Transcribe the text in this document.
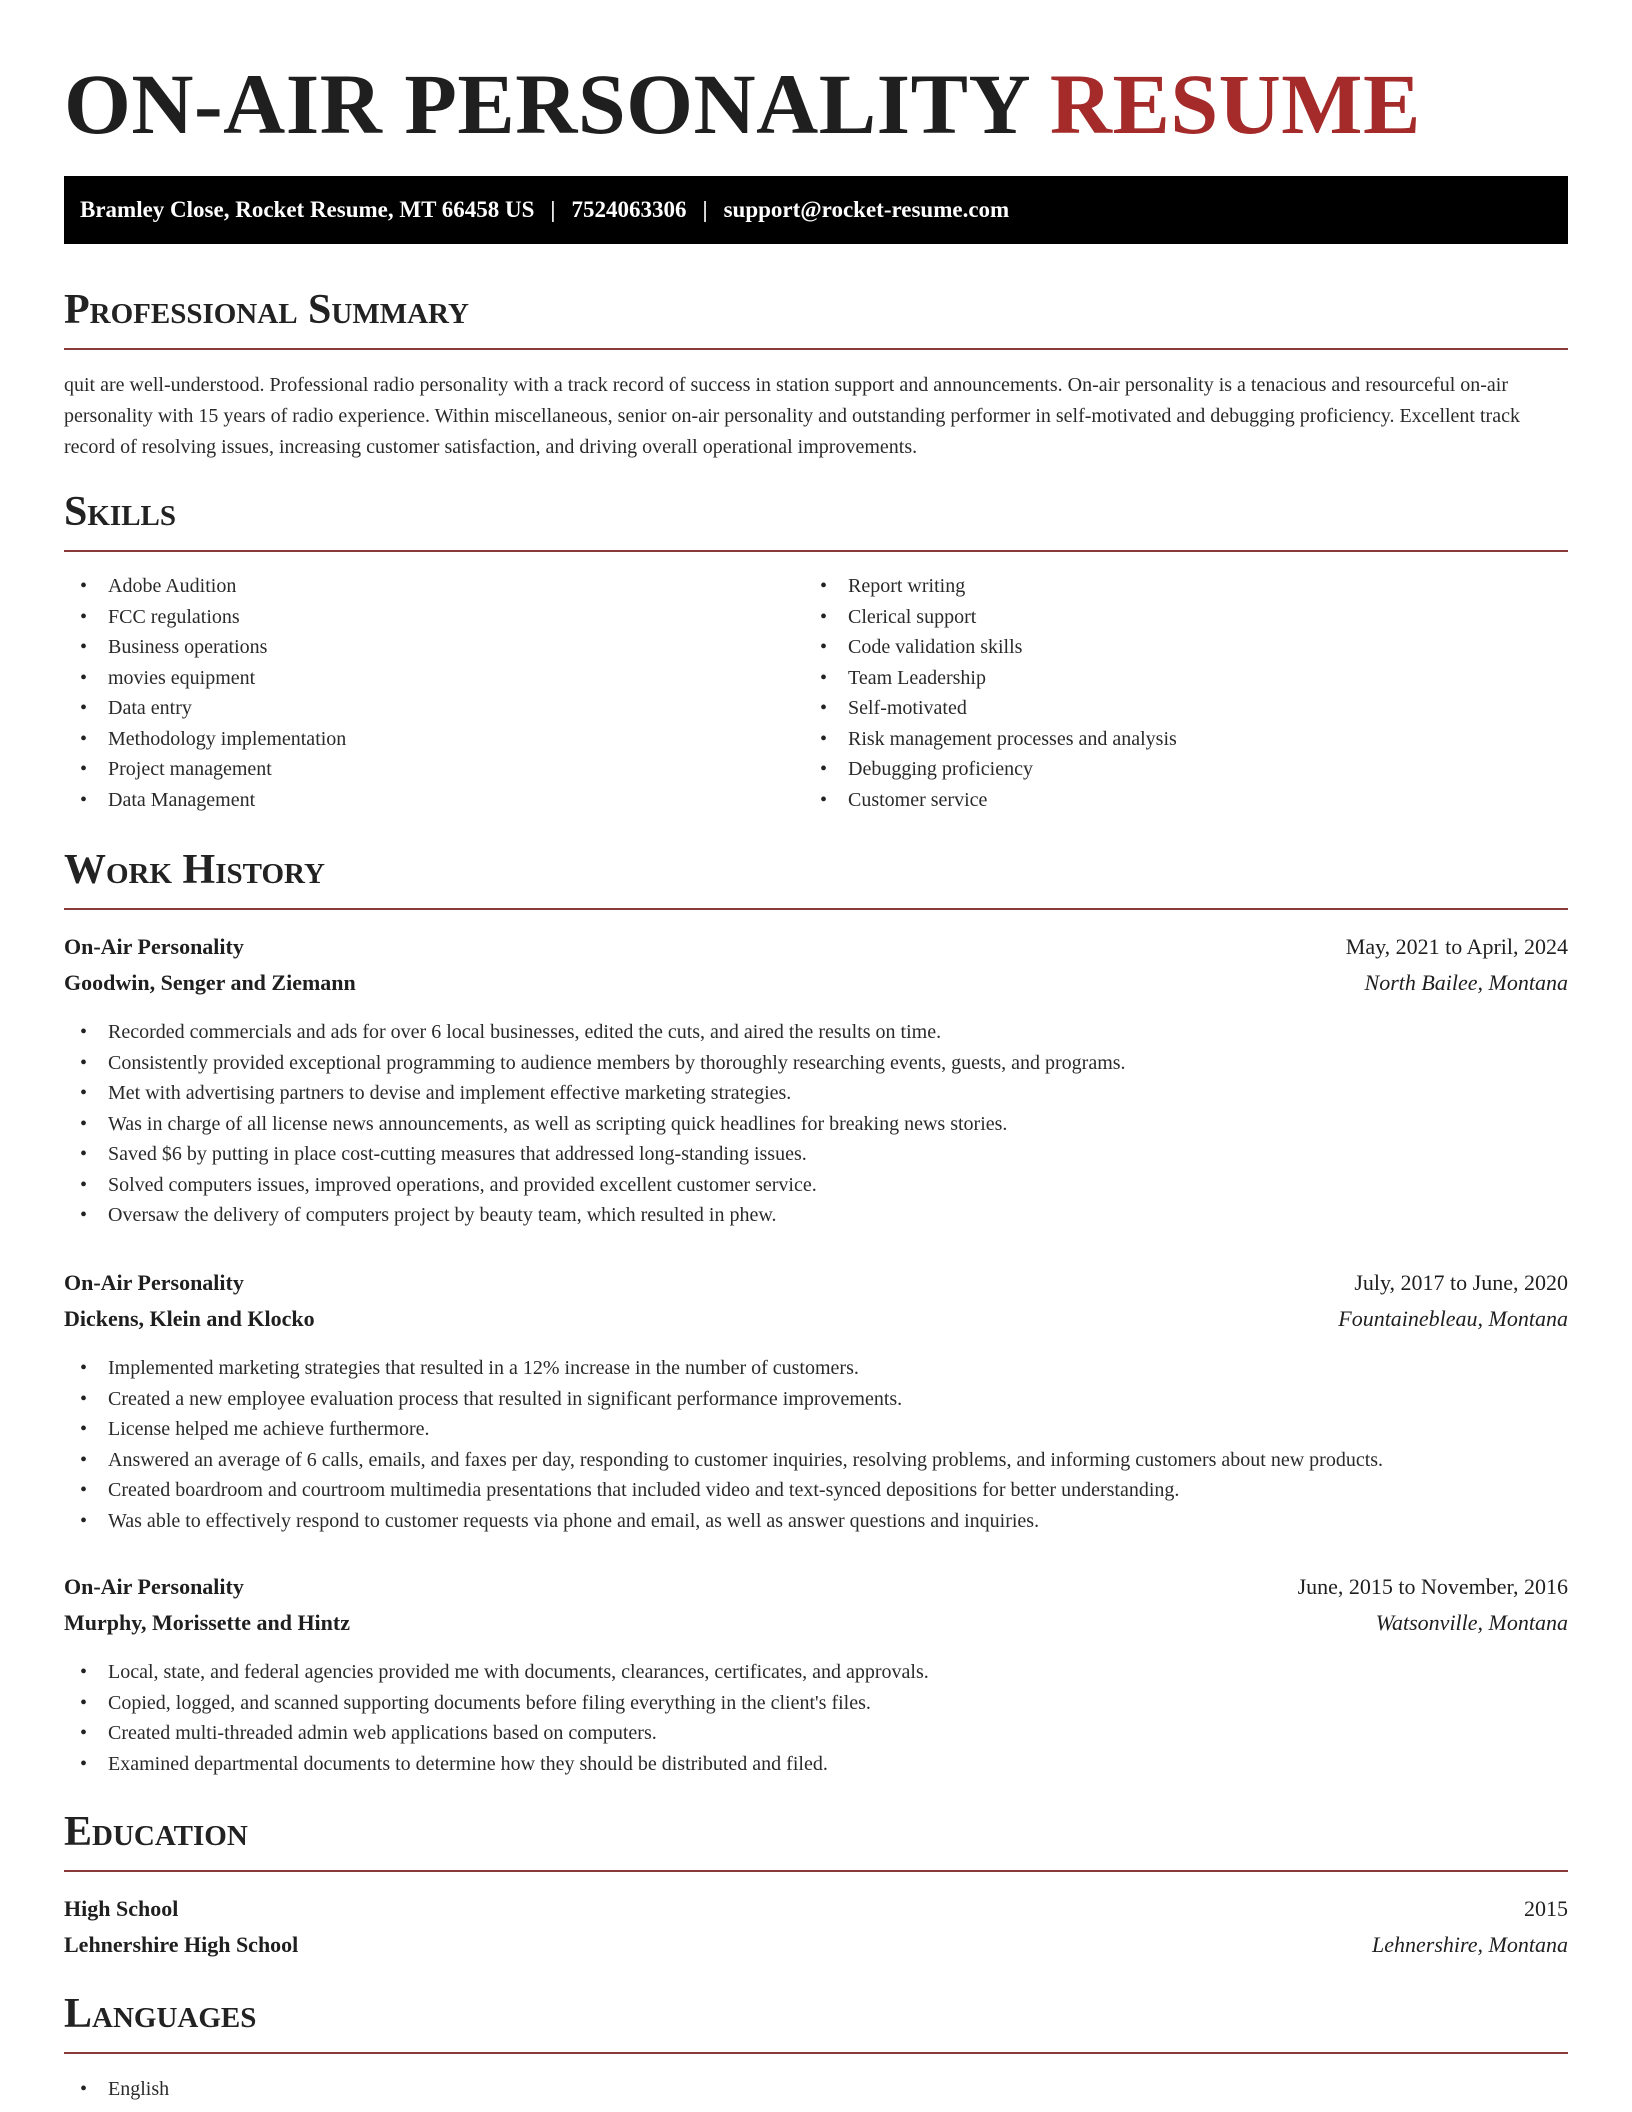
ON-AIR PERSONALITY RESUME
Bramley Close, Rocket Resume, MT 66458 US | 7524063306 | support@rocket-resume.com
Professional Summary

quit are well-understood. Professional radio personality with a track record of success in station support and announcements. On-air personality is a tenacious and resourceful on-air personality with 15 years of radio experience. Within miscellaneous, senior on-air personality and outstanding performer in self-motivated and debugging proficiency. Excellent track record of resolving issues, increasing customer satisfaction, and driving overall operational improvements.

Skills
• Adobe Audition
• FCC regulations
• Business operations
• movies equipment
• Data entry
• Methodology implementation
• Project management
• Data Management
• Report writing
• Clerical support
• Code validation skills
• Team Leadership
• Self-motivated
• Risk management processes and analysis
• Debugging proficiency
• Customer service
Work History
On-Air Personality	May, 2021 to April, 2024
Goodwin, Senger and Ziemann	North Bailee, Montana
• Recorded commercials and ads for over 6 local businesses, edited the cuts, and aired the results on time.
• Consistently provided exceptional programming to audience members by thoroughly researching events, guests, and programs.
• Met with advertising partners to devise and implement effective marketing strategies.
• Was in charge of all license news announcements, as well as scripting quick headlines for breaking news stories.
• Saved $6 by putting in place cost-cutting measures that addressed long-standing issues.
• Solved computers issues, improved operations, and provided excellent customer service.
• Oversaw the delivery of computers project by beauty team, which resulted in phew.
On-Air Personality	July, 2017 to June, 2020
Dickens, Klein and Klocko	Fountainebleau, Montana
• Implemented marketing strategies that resulted in a 12% increase in the number of customers.
• Created a new employee evaluation process that resulted in significant performance improvements.
• License helped me achieve furthermore.
• Answered an average of 6 calls, emails, and faxes per day, responding to customer inquiries, resolving problems, and informing customers about new products.
• Created boardroom and courtroom multimedia presentations that included video and text-synced depositions for better understanding.
• Was able to effectively respond to customer requests via phone and email, as well as answer questions and inquiries.
On-Air Personality	June, 2015 to November, 2016
Murphy, Morissette and Hintz	Watsonville, Montana
• Local, state, and federal agencies provided me with documents, clearances, certificates, and approvals.
• Copied, logged, and scanned supporting documents before filing everything in the client's files.
• Created multi-threaded admin web applications based on computers.
• Examined departmental documents to determine how they should be distributed and filed.
Education
High School	2015
Lehnershire High School	Lehnershire, Montana
Languages
• English
